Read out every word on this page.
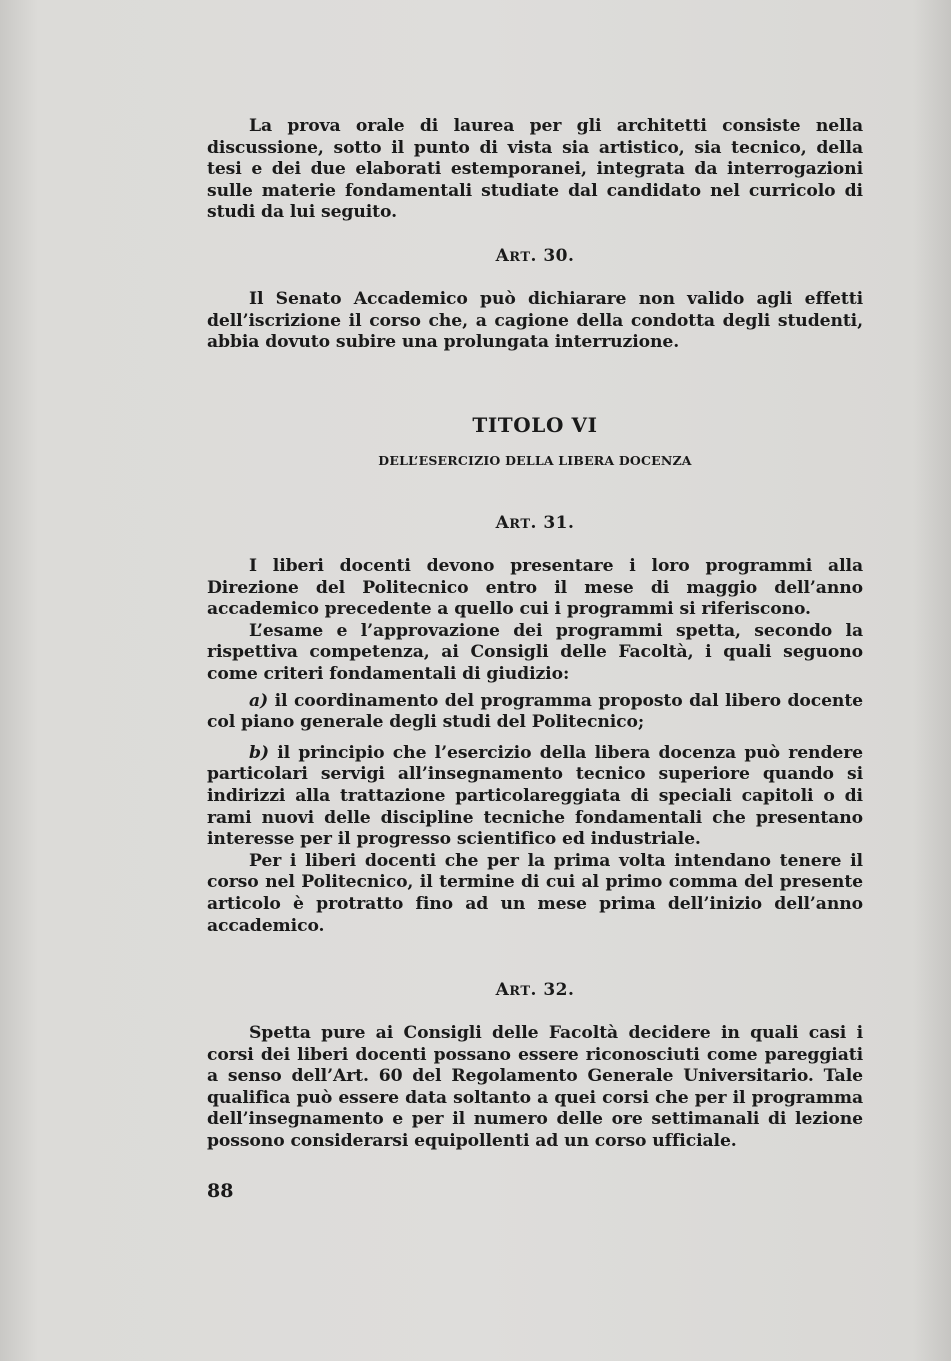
La prova orale di laurea per gli architetti consiste nella discussione, sotto il punto di vista sia artistico, sia tecnico, della tesi e dei due elaborati estemporanei, integrata da interrogazioni sulle materie fondamentali studiate dal candidato nel curricolo di studi da lui seguito.

ART. 30.

Il Senato Accademico può dichiarare non valido agli effetti dell’iscrizione il corso che, a cagione della condotta degli studenti, abbia dovuto subire una prolungata interruzione.

TITOLO VI
DELL’ESERCIZIO DELLA LIBERA DOCENZA
ART. 31.

I liberi docenti devono presentare i loro programmi alla Direzione del Politecnico entro il mese di maggio dell’anno accademico precedente a quello cui i programmi si riferiscono.

L’esame e l’approvazione dei programmi spetta, secondo la rispettiva competenza, ai Consigli delle Facoltà, i quali seguono come criteri fondamentali di giudizio:

a) il coordinamento del programma proposto dal libero docente col piano generale degli studi del Politecnico;

b) il principio che l’esercizio della libera docenza può rendere particolari servigi all’insegnamento tecnico superiore quando si indirizzi alla trattazione particolareggiata di speciali capitoli o di rami nuovi delle discipline tecniche fondamentali che presentano interesse per il progresso scientifico ed industriale.

Per i liberi docenti che per la prima volta intendano tenere il corso nel Politecnico, il termine di cui al primo comma del presente articolo è protratto fino ad un mese prima dell’inizio dell’anno accademico.

ART. 32.

Spetta pure ai Consigli delle Facoltà decidere in quali casi i corsi dei liberi docenti possano essere riconosciuti come pareggiati a senso dell’Art. 60 del Regolamento Generale Universitario. Tale qualifica può essere data soltanto a quei corsi che per il programma dell’insegnamento e per il numero delle ore settimanali di lezione possono considerarsi equipollenti ad un corso ufficiale.

88
